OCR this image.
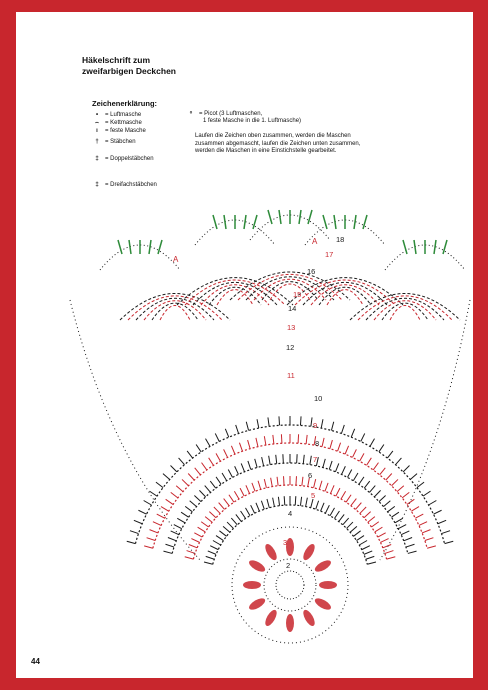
Häkelschrift zum
zweifarbigen Deckchen
Zeichenerklärung:
•	= Luftmasche
⌢	= Kettmasche
ı	= feste Masche
†	= Stäbchen
‡	= Doppelstäbchen
‡	= Dreifachstäbchen
ᵒ	= Picot (3 Luftmaschen,
1 feste Masche in die 1. Luftmasche)

Laufen die Zeichen oben zusammen, werden die Maschen zusammen abgemascht, laufen die Zeichen unten zusammen, werden die Maschen in eine Einstichstelle gearbeitet.

2
3
4
5
6
7
8
9
10
11
12
13
14
15
16
17
18
A
A
44
